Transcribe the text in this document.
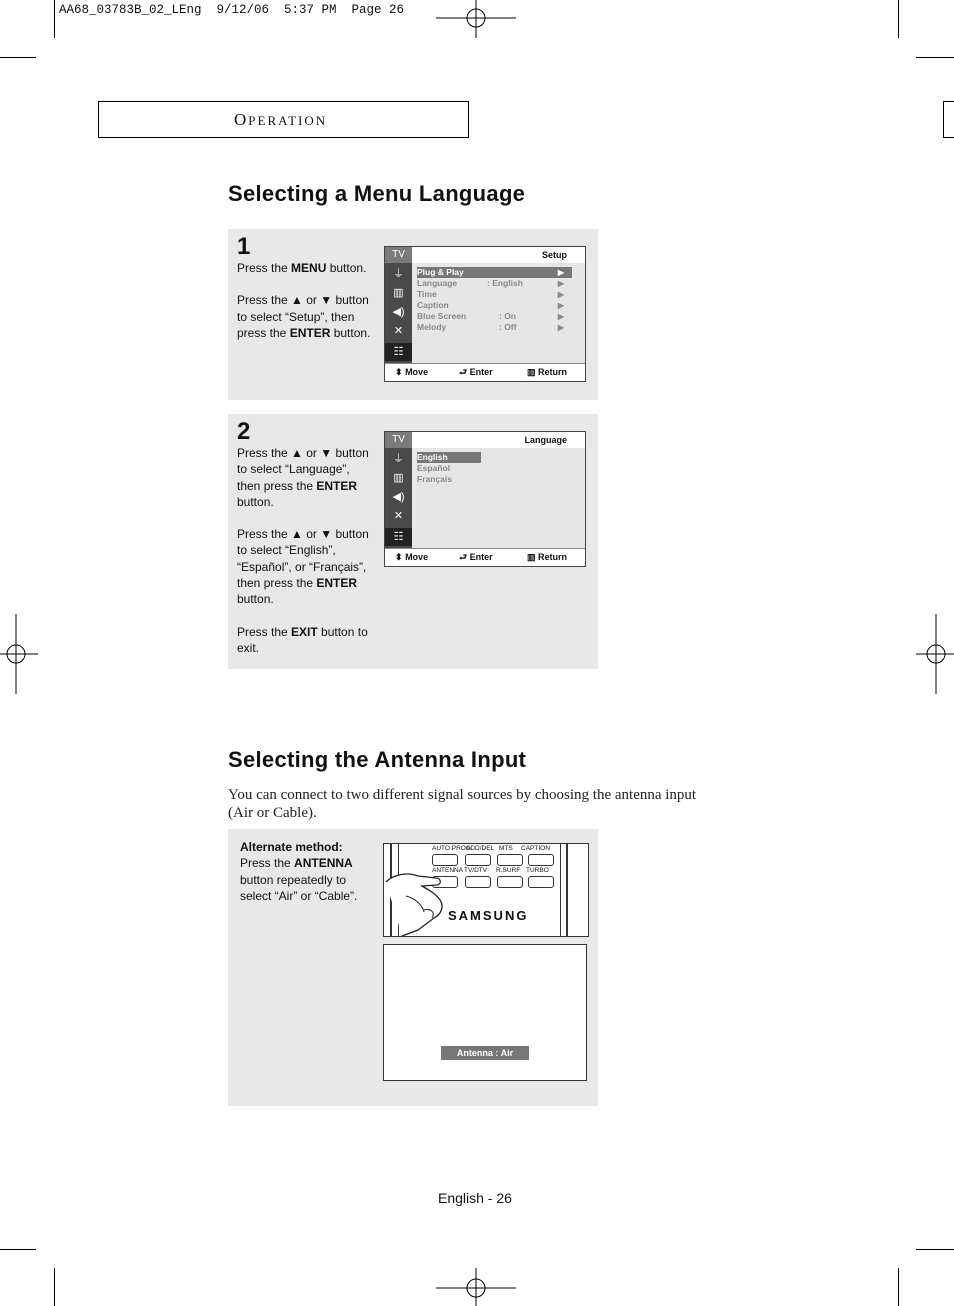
AA68_03783B_02_LEng  9/12/06  5:37 PM  Page 26
OPERATION
Selecting a Menu Language
1
Press the MENU button.
Press the ▲ or ▼ button
to select “Setup”, then
press the ENTER button.
TV
⏚
▥
◀)
✕
☷
Setup
Plug & Play	▶
Language	: English	▶
Time	▶
Caption	▶
Blue Screen	: On	▶
Melody	: Off	▶
⬍ Move	⮐ Enter	▥ Return
2
Press the ▲ or ▼ button
to select “Language”,
then press the ENTER
button.
Press the ▲ or ▼ button
to select “English”,
“Español”, or “Français”,
then press the ENTER
button.
Press the EXIT button to
exit.
TV
⏚
▥
◀)
✕
☷
Language
English
Español
Français
⬍ Move	⮐ Enter	▥ Return
Selecting the Antenna Input
You can connect to two different signal sources by choosing the antenna input
(Air or Cable).
Alternate method:
Press the ANTENNA
button repeatedly to
select “Air” or “Cable”.
AUTO PROG.
ADD/DEL MTS CAPTION
ANTENNA TV/DTV R.SURF TURBO
SAMSUNG
Antenna : Air
English - 26
